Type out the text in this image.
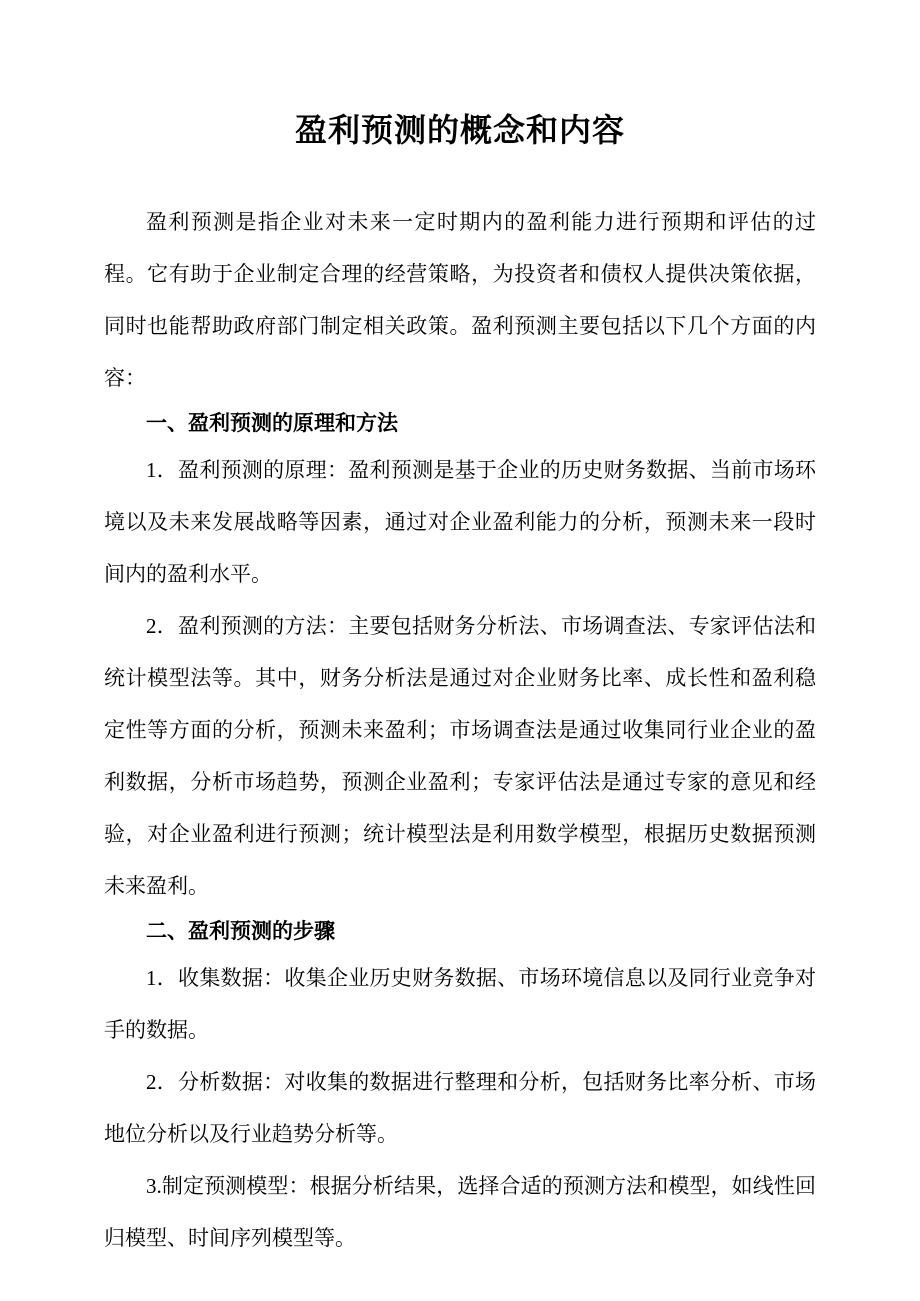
盈利预测的概念和内容

盈利预测是指企业对未来一定时期内的盈利能力进行预期和评估的过程。它有助于企业制定合理的经营策略，为投资者和债权人提供决策依据，同时也能帮助政府部门制定相关政策。盈利预测主要包括以下几个方面的内容：

一、盈利预测的原理和方法

1．盈利预测的原理：盈利预测是基于企业的历史财务数据、当前市场环境以及未来发展战略等因素，通过对企业盈利能力的分析，预测未来一段时间内的盈利水平。

2．盈利预测的方法：主要包括财务分析法、市场调查法、专家评估法和统计模型法等。其中，财务分析法是通过对企业财务比率、成长性和盈利稳定性等方面的分析，预测未来盈利；市场调查法是通过收集同行业企业的盈利数据，分析市场趋势，预测企业盈利；专家评估法是通过专家的意见和经验，对企业盈利进行预测；统计模型法是利用数学模型，根据历史数据预测未来盈利。

二、盈利预测的步骤

1．收集数据：收集企业历史财务数据、市场环境信息以及同行业竞争对手的数据。

2．分析数据：对收集的数据进行整理和分析，包括财务比率分析、市场地位分析以及行业趋势分析等。

3.制定预测模型：根据分析结果，选择合适的预测方法和模型，如线性回归模型、时间序列模型等。
